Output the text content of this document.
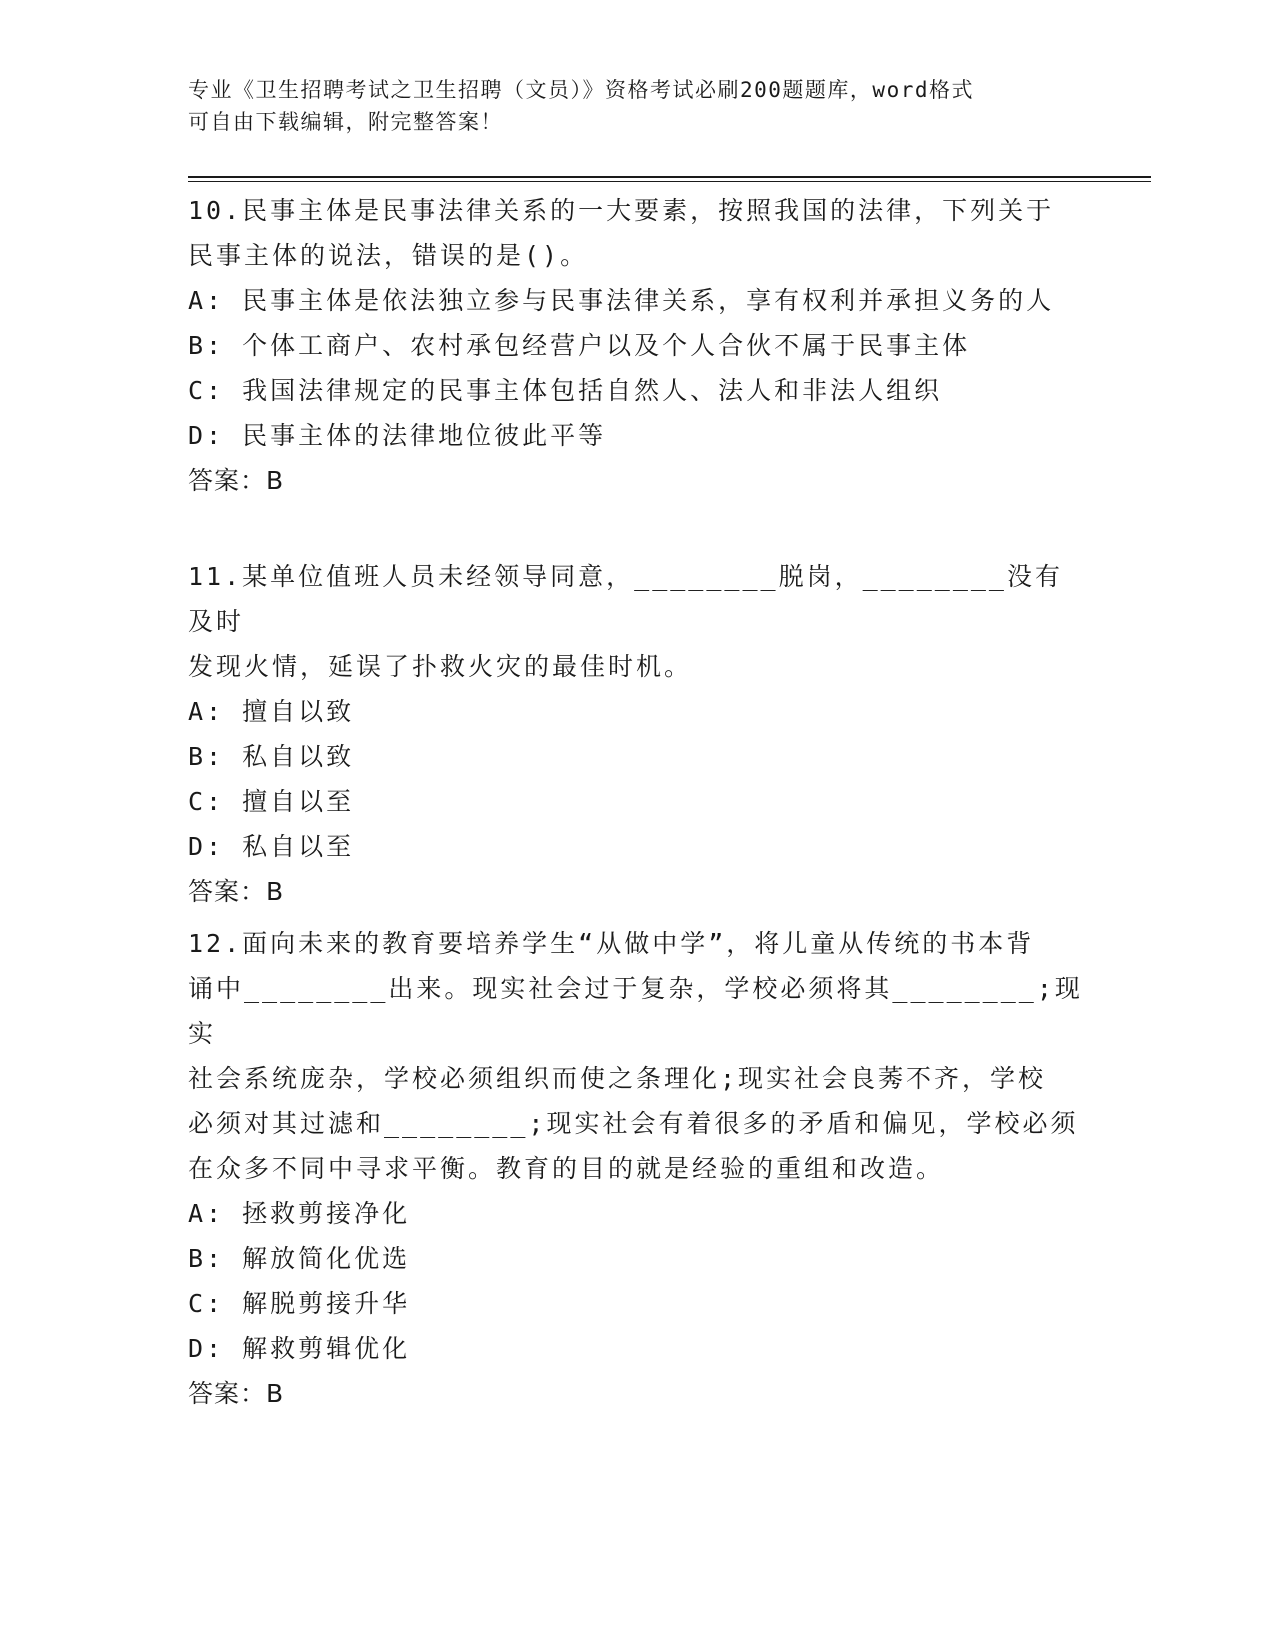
专业《卫生招聘考试之卫生招聘（文员）》资格考试必刷200题题库，word格式
可自由下载编辑，附完整答案！
10.民事主体是民事法律关系的一大要素，按照我国的法律，下列关于
民事主体的说法，错误的是()。
A: 民事主体是依法独立参与民事法律关系，享有权利并承担义务的人
B: 个体工商户、农村承包经营户以及个人合伙不属于民事主体
C: 我国法律规定的民事主体包括自然人、法人和非法人组织
D: 民事主体的法律地位彼此平等
答案：B
11.某单位值班人员未经领导同意，________脱岗，________没有及时
发现火情，延误了扑救火灾的最佳时机。
A: 擅自以致
B: 私自以致
C: 擅自以至
D: 私自以至
答案：B
12.面向未来的教育要培养学生“从做中学”，将儿童从传统的书本背
诵中________出来。现实社会过于复杂，学校必须将其________;现实
社会系统庞杂，学校必须组织而使之条理化;现实社会良莠不齐，学校
必须对其过滤和________;现实社会有着很多的矛盾和偏见，学校必须
在众多不同中寻求平衡。教育的目的就是经验的重组和改造。
A: 拯救剪接净化
B: 解放简化优选
C: 解脱剪接升华
D: 解救剪辑优化
答案：B
